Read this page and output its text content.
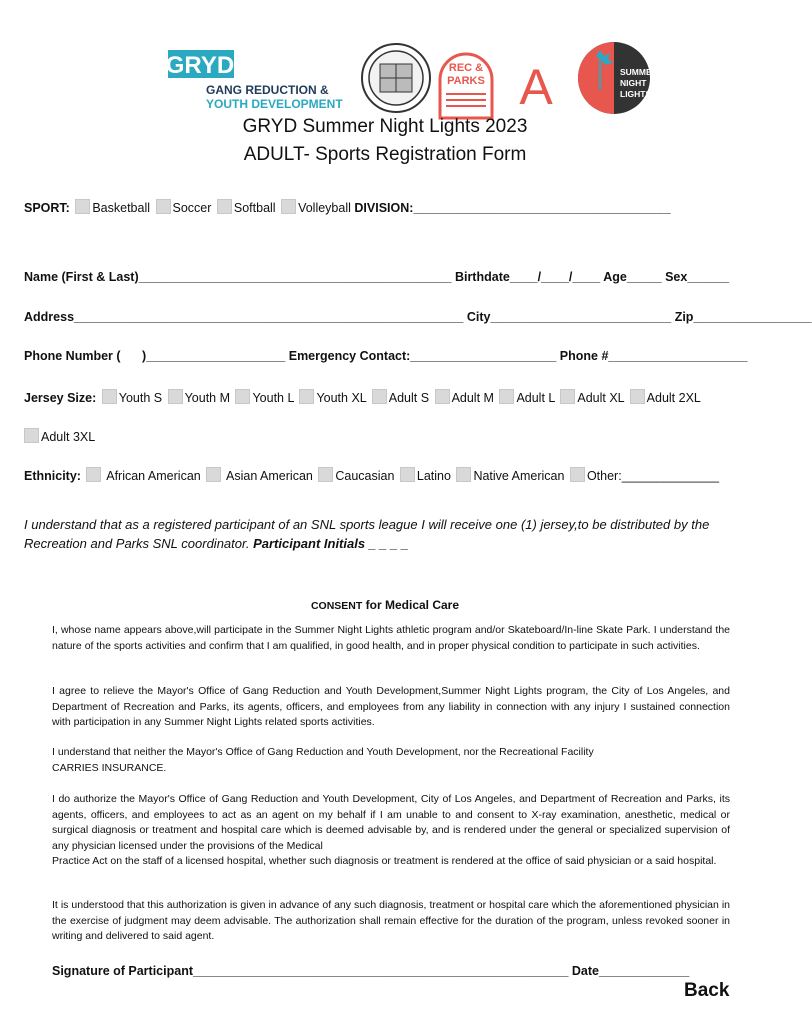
GRYD
GANG REDUCTION &
YOUTH DEVELOPMENT
REC &
PARKS A	SUMMER
NIGHT
LIGHTS
GRYD Summer Night Lights 2023
ADULT- Sports Registration Form
SPORT: Basketball Soccer Softball Volleyball DIVISION:_____________________________________
Name (First & Last)_____________________________________________ Birthdate____/____/____ Age_____ Sex______
Address________________________________________________________ City__________________________ Zip_________________
Phone Number ( )____________________ Emergency Contact:_____________________ Phone #____________________
Jersey Size: Youth S Youth M Youth L Youth XL Adult S Adult M Adult L Adult XL Adult 2XL
Adult 3XL
Ethnicity: African American Asian American Caucasian Latino Native American Other:______________
I understand that as a registered participant of an SNL sports league I will receive one (1) jersey,to be distributed by the Recreation and Parks SNL coordinator. Participant Initials _ _ _ _
CONSENT for Medical Care
I, whose name appears above,will participate in the Summer Night Lights athletic program and/or Skateboard/In-line Skate Park. I understand the nature of the sports activities and confirm that I am qualified, in good health, and in proper physical condition to participate in such activities.
I agree to relieve the Mayor's Office of Gang Reduction and Youth Development,Summer Night Lights program, the City of Los Angeles, and Department of Recreation and Parks, its agents, officers, and employees from any liability in connection with any injury I sustained connection with participation in any Summer Night Lights related sports activities.
I understand that neither the Mayor's Office of Gang Reduction and Youth Development, nor the Recreational Facility
CARRIES INSURANCE.
I do authorize the Mayor's Office of Gang Reduction and Youth Development, City of Los Angeles, and Department of Recreation and Parks, its agents, officers, and employees to act as an agent on my behalf if I am unable to and consent to X-ray examination, anesthetic, medical or surgical diagnosis or treatment and hospital care which is deemed advisable by, and is rendered under the general or specialized supervision of any physician licensed under the provisions of the Medical
Practice Act on the staff of a licensed hospital, whether such diagnosis or treatment is rendered at the office of said physician or a said hospital.
It is understood that this authorization is given in advance of any such diagnosis, treatment or hospital care which the aforementioned physician in the exercise of judgment may deem advisable. The authorization shall remain effective for the duration of the program, unless revoked sooner in writing and delivered to said agent.
Signature of Participant______________________________________________________ Date_____________
Back
